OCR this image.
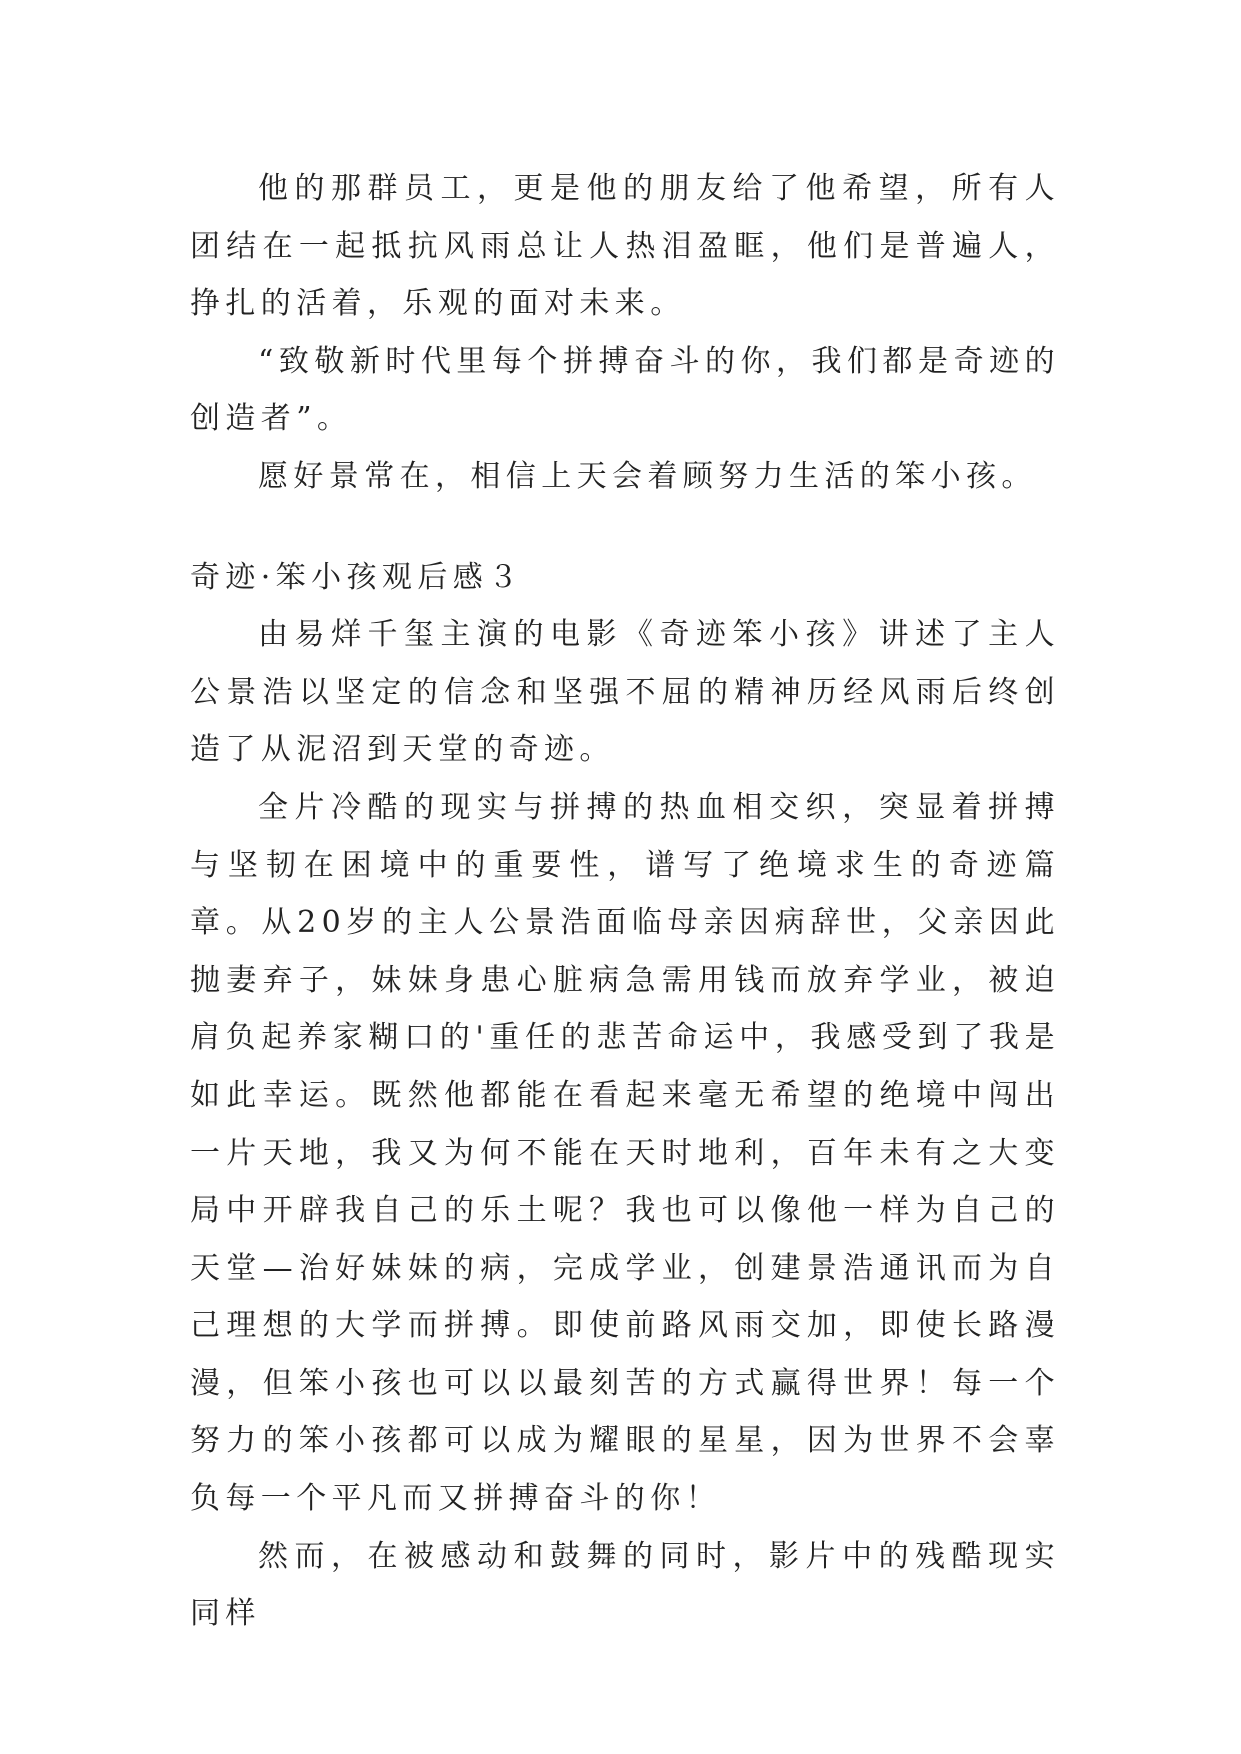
他的那群员工，更是他的朋友给了他希望，所有人团结在一起抵抗风雨总让人热泪盈眶，他们是普遍人，挣扎的活着，乐观的面对未来。

“致敬新时代里每个拼搏奋斗的你，我们都是奇迹的创造者”。

愿好景常在，相信上天会着顾努力生活的笨小孩。

奇迹·笨小孩观后感３

由易烊千玺主演的电影《奇迹笨小孩》讲述了主人公景浩以坚定的信念和坚强不屈的精神历经风雨后终创造了从泥沼到天堂的奇迹。

全片冷酷的现实与拼搏的热血相交织，突显着拼搏与坚韧在困境中的重要性，谱写了绝境求生的奇迹篇章。从20岁的主人公景浩面临母亲因病辞世，父亲因此抛妻弃子，妹妹身患心脏病急需用钱而放弃学业，被迫肩负起养家糊口的'重任的悲苦命运中，我感受到了我是如此幸运。既然他都能在看起来毫无希望的绝境中闯出一片天地，我又为何不能在天时地利，百年未有之大变局中开辟我自己的乐土呢？我也可以像他一样为自己的天堂—治好妹妹的病，完成学业，创建景浩通讯而为自己理想的大学而拼搏。即使前路风雨交加，即使长路漫漫，但笨小孩也可以以最刻苦的方式赢得世界！每一个努力的笨小孩都可以成为耀眼的星星，因为世界不会辜负每一个平凡而又拼搏奋斗的你！

然而，在被感动和鼓舞的同时，影片中的残酷现实同样
